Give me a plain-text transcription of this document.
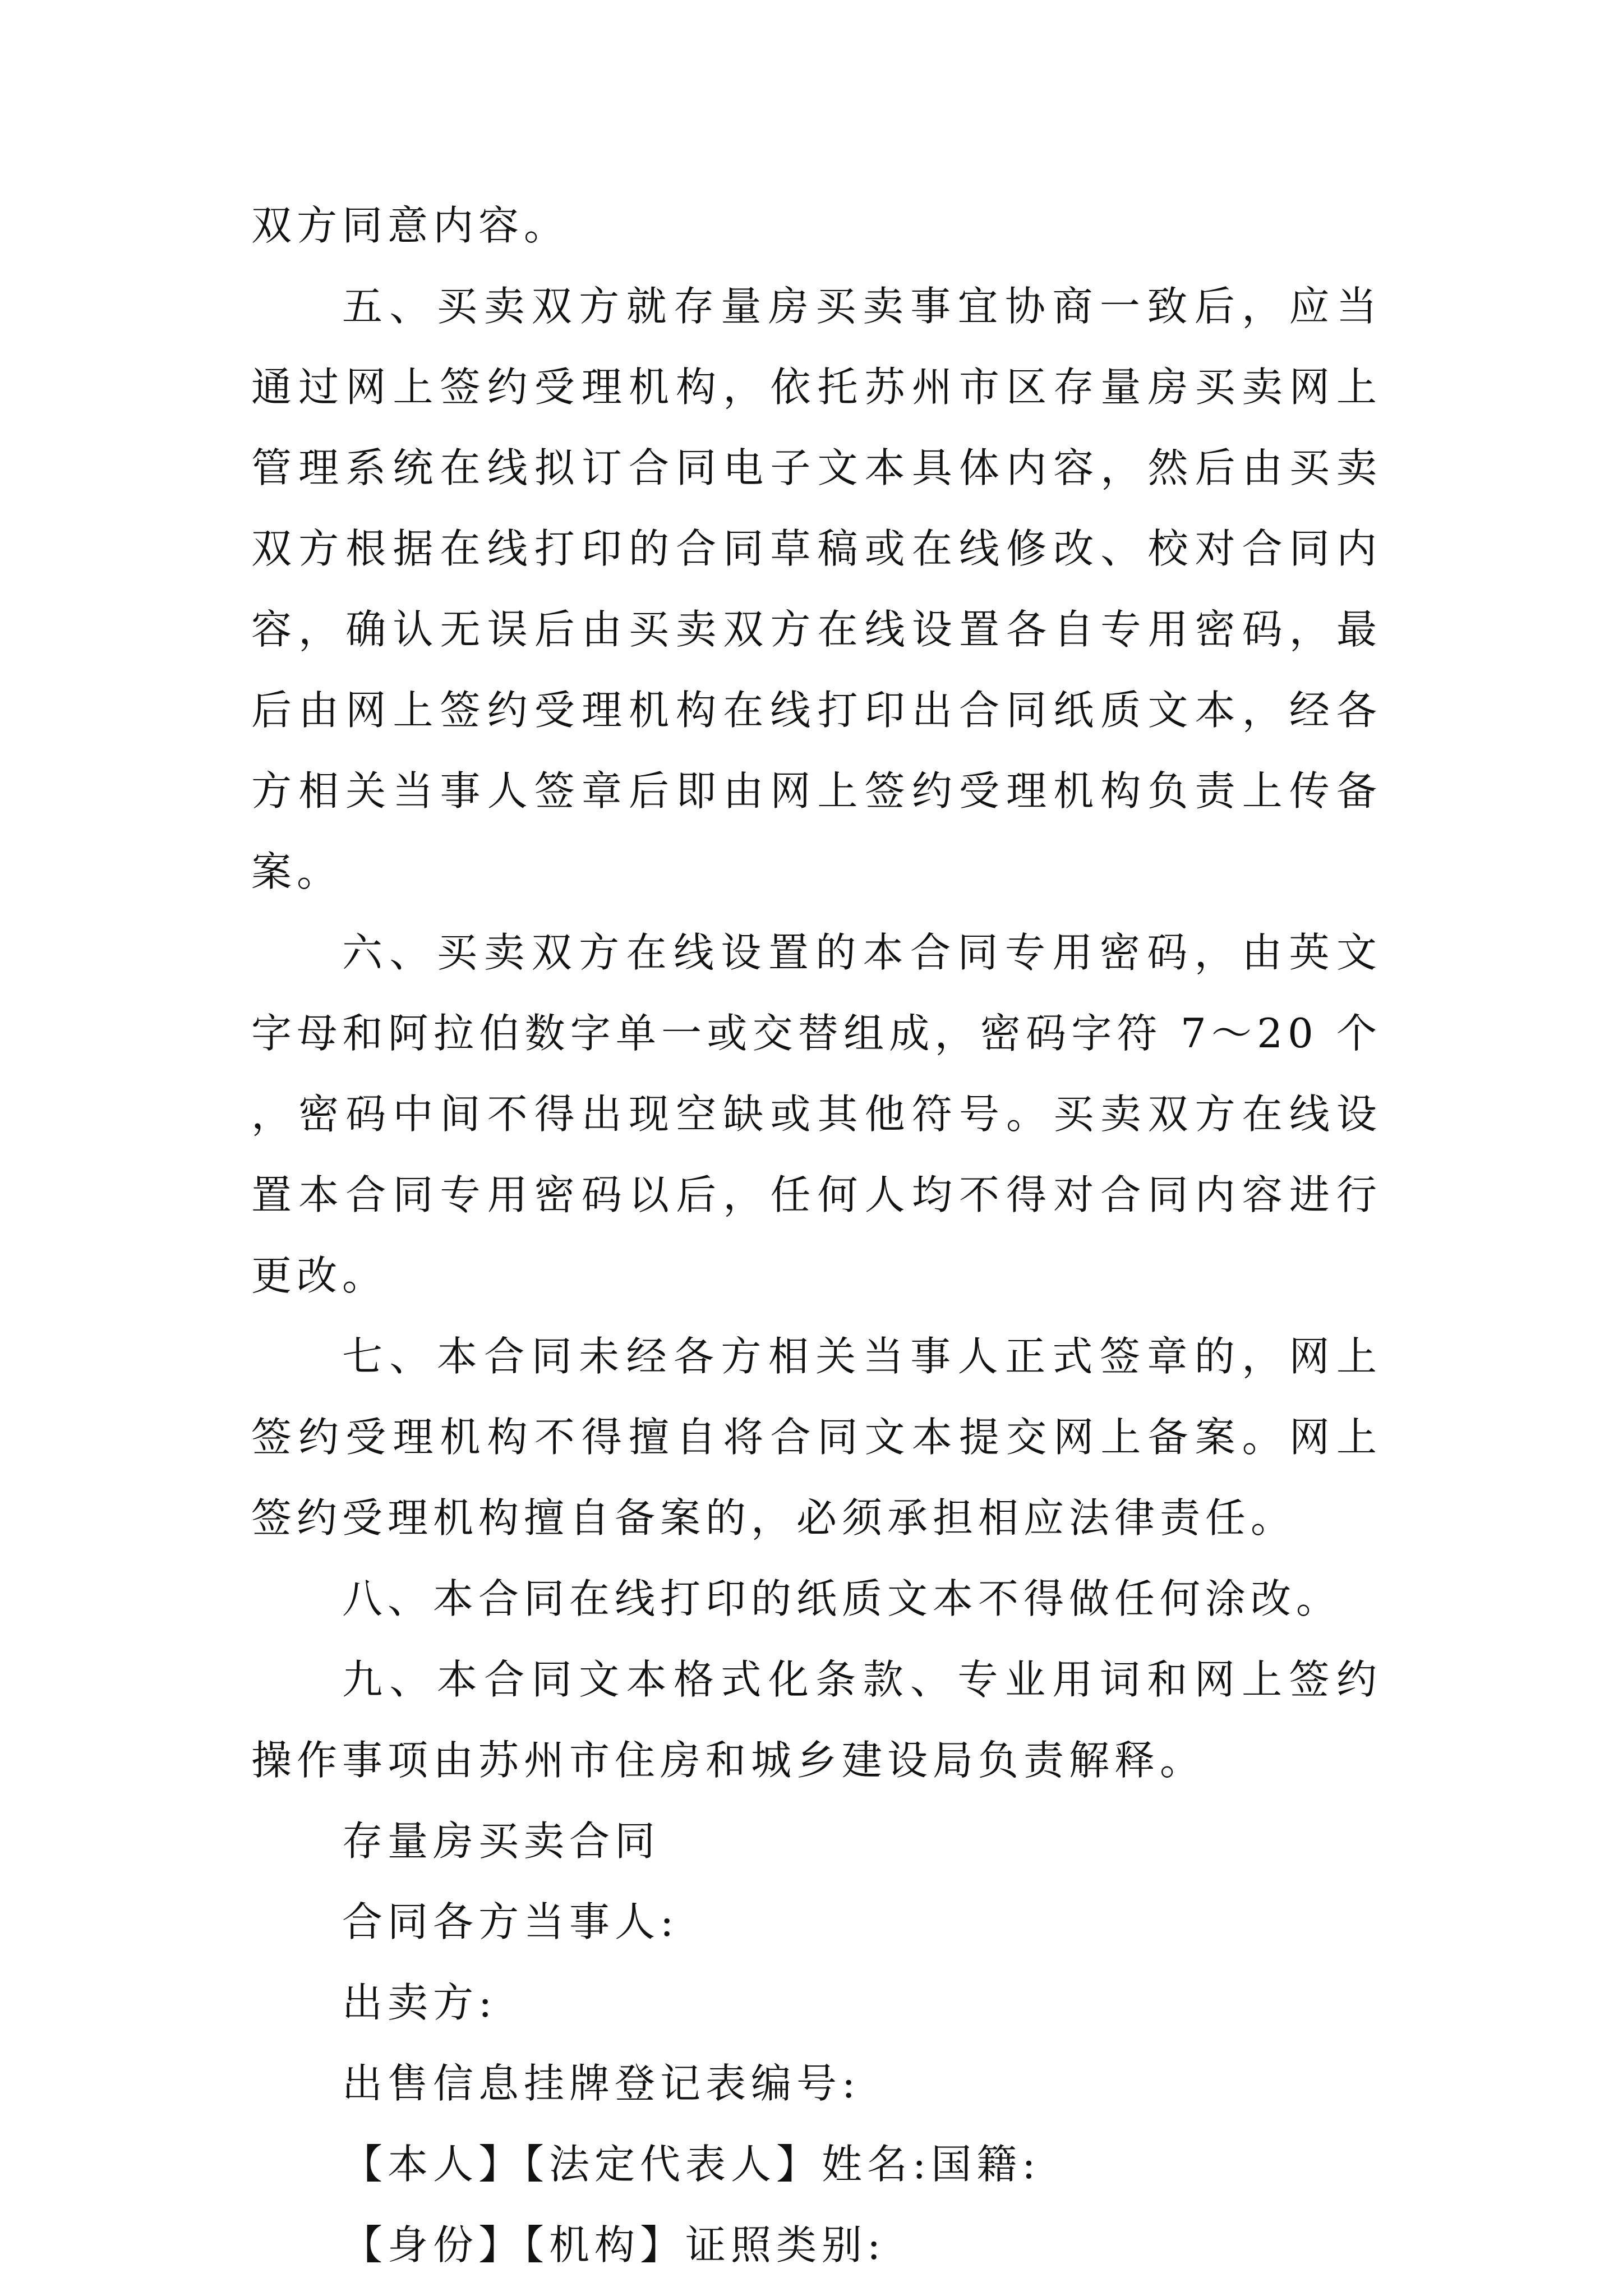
双方同意内容。

五、买卖双方就存量房买卖事宜协商一致后，应当通过网上签约受理机构，依托苏州市区存量房买卖网上管理系统在线拟订合同电子文本具体内容，然后由买卖双方根据在线打印的合同草稿或在线修改、校对合同内容，确认无误后由买卖双方在线设置各自专用密码，最后由网上签约受理机构在线打印出合同纸质文本，经各方相关当事人签章后即由网上签约受理机构负责上传备案。

六、买卖双方在线设置的本合同专用密码，由英文字母和阿拉伯数字单一或交替组成，密码字符 7～20 个，密码中间不得出现空缺或其他符号。买卖双方在线设置本合同专用密码以后，任何人均不得对合同内容进行更改。

七、本合同未经各方相关当事人正式签章的，网上签约受理机构不得擅自将合同文本提交网上备案。网上签约受理机构擅自备案的，必须承担相应法律责任。

八、本合同在线打印的纸质文本不得做任何涂改。

九、本合同文本格式化条款、专业用词和网上签约操作事项由苏州市住房和城乡建设局负责解释。

存量房买卖合同

合同各方当事人:

出卖方:

出售信息挂牌登记表编号:

【本人】【法定代表人】姓名:国籍:

【身份】【机构】证照类别:
